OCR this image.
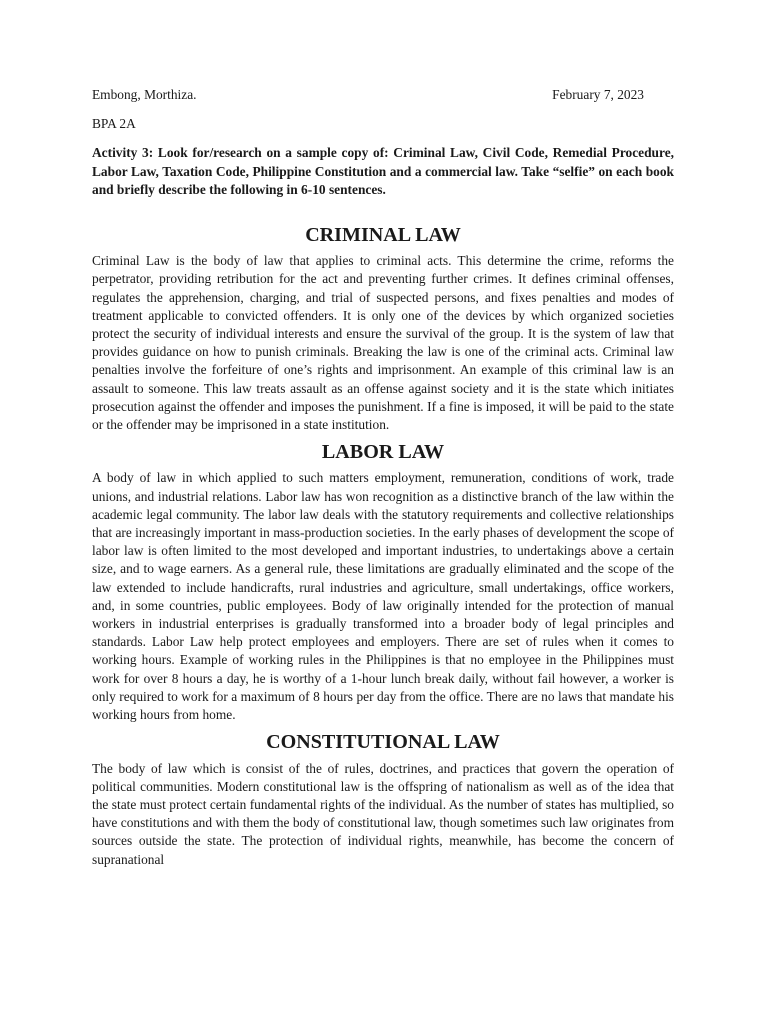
Embong, Morthiza.	February 7, 2023
BPA 2A
Activity 3: Look for/research on a sample copy of: Criminal Law, Civil Code, Remedial Procedure, Labor Law, Taxation Code, Philippine Constitution and a commercial law. Take “selfie” on each book and briefly describe the following in 6-10 sentences.
CRIMINAL LAW

Criminal Law is the body of law that applies to criminal acts. This determine the crime, reforms the perpetrator, providing retribution for the act and preventing further crimes. It defines criminal offenses, regulates the apprehension, charging, and trial of suspected persons, and fixes penalties and modes of treatment applicable to convicted offenders. It is only one of the devices by which organized societies protect the security of individual interests and ensure the survival of the group. It is the system of law that provides guidance on how to punish criminals. Breaking the law is one of the criminal acts. Criminal law penalties involve the forfeiture of one’s rights and imprisonment. An example of this criminal law is an assault to someone. This law treats assault as an offense against society and it is the state which initiates prosecution against the offender and imposes the punishment. If a fine is imposed, it will be paid to the state or the offender may be imprisoned in a state institution.

LABOR LAW

A body of law in which applied to such matters employment, remuneration, conditions of work, trade unions, and industrial relations. Labor law has won recognition as a distinctive branch of the law within the academic legal community. The labor law deals with the statutory requirements and collective relationships that are increasingly important in mass-production societies. In the early phases of development the scope of labor law is often limited to the most developed and important industries, to undertakings above a certain size, and to wage earners. As a general rule, these limitations are gradually eliminated and the scope of the law extended to include handicrafts, rural industries and agriculture, small undertakings, office workers, and, in some countries, public employees. Body of law originally intended for the protection of manual workers in industrial enterprises is gradually transformed into a broader body of legal principles and standards. Labor Law help protect employees and employers. There are set of rules when it comes to working hours. Example of working rules in the Philippines is that no employee in the Philippines must work for over 8 hours a day, he is worthy of a 1-hour lunch break daily, without fail however, a worker is only required to work for a maximum of 8 hours per day from the office. There are no laws that mandate his working hours from home.

CONSTITUTIONAL LAW

The body of law which is consist of the of rules, doctrines, and practices that govern the operation of political communities. Modern constitutional law is the offspring of nationalism as well as of the idea that the state must protect certain fundamental rights of the individual. As the number of states has multiplied, so have constitutions and with them the body of constitutional law, though sometimes such law originates from sources outside the state. The protection of individual rights, meanwhile, has become the concern of supranational
